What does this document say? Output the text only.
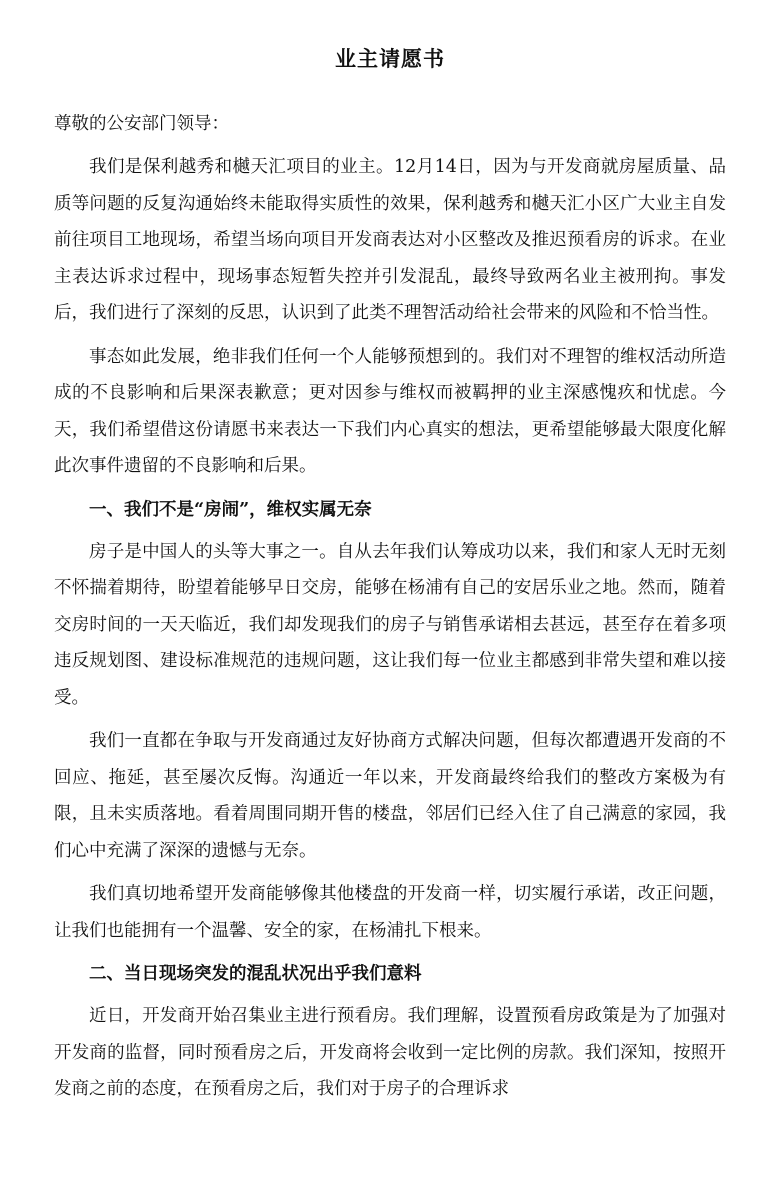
业主请愿书

尊敬的公安部门领导：

我们是保利越秀和樾天汇项目的业主。12月14日，因为与开发商就房屋质量、品质等问题的反复沟通始终未能取得实质性的效果，保利越秀和樾天汇小区广大业主自发前往项目工地现场，希望当场向项目开发商表达对小区整改及推迟预看房的诉求。在业主表达诉求过程中，现场事态短暂失控并引发混乱，最终导致两名业主被刑拘。事发后，我们进行了深刻的反思，认识到了此类不理智活动给社会带来的风险和不恰当性。

事态如此发展，绝非我们任何一个人能够预想到的。我们对不理智的维权活动所造成的不良影响和后果深表歉意；更对因参与维权而被羁押的业主深感愧疚和忧虑。今天，我们希望借这份请愿书来表达一下我们内心真实的想法，更希望能够最大限度化解此次事件遗留的不良影响和后果。

一、我们不是“房闹”，维权实属无奈

房子是中国人的头等大事之一。自从去年我们认筹成功以来，我们和家人无时无刻不怀揣着期待，盼望着能够早日交房，能够在杨浦有自己的安居乐业之地。然而，随着交房时间的一天天临近，我们却发现我们的房子与销售承诺相去甚远，甚至存在着多项违反规划图、建设标准规范的违规问题，这让我们每一位业主都感到非常失望和难以接受。

我们一直都在争取与开发商通过友好协商方式解决问题，但每次都遭遇开发商的不回应、拖延，甚至屡次反悔。沟通近一年以来，开发商最终给我们的整改方案极为有限，且未实质落地。看着周围同期开售的楼盘，邻居们已经入住了自己满意的家园，我们心中充满了深深的遗憾与无奈。

我们真切地希望开发商能够像其他楼盘的开发商一样，切实履行承诺，改正问题，让我们也能拥有一个温馨、安全的家，在杨浦扎下根来。

二、当日现场突发的混乱状况出乎我们意料

近日，开发商开始召集业主进行预看房。我们理解，设置预看房政策是为了加强对开发商的监督，同时预看房之后，开发商将会收到一定比例的房款。我们深知，按照开发商之前的态度，在预看房之后，我们对于房子的合理诉求
